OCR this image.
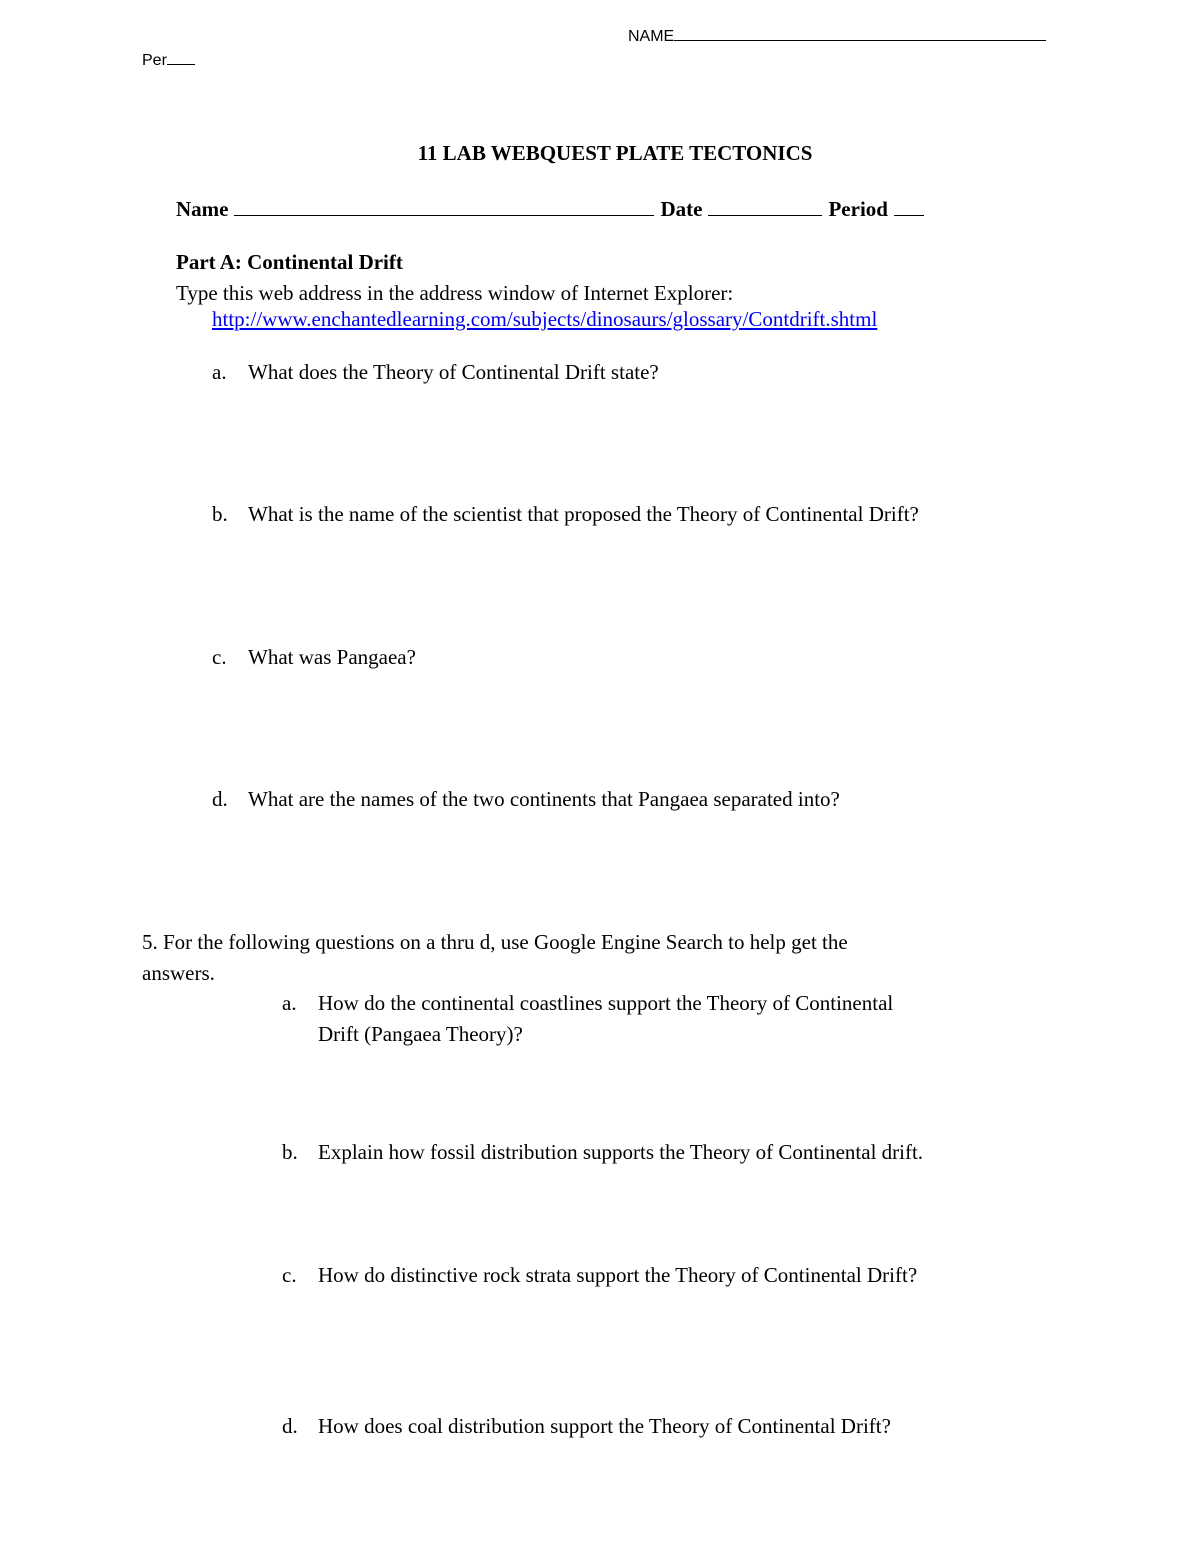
NAME
Per
11 LAB WEBQUEST PLATE TECTONICS
Name	Date	Period
Part A: Continental Drift
Type this web address in the address window of Internet Explorer:
http://www.enchantedlearning.com/subjects/dinosaurs/glossary/Contdrift.shtml
a. What does the Theory of Continental Drift state?
b. What is the name of the scientist that proposed the Theory of Continental Drift?
c. What was Pangaea?
d. What are the names of the two continents that Pangaea separated into?
5. For the following questions on a thru d, use Google Engine Search to help get the
answers.
a. How do the continental coastlines support the Theory of Continental
Drift (Pangaea Theory)?
b. Explain how fossil distribution supports the Theory of Continental drift.
c. How do distinctive rock strata support the Theory of Continental Drift?
d. How does coal distribution support the Theory of Continental Drift?
